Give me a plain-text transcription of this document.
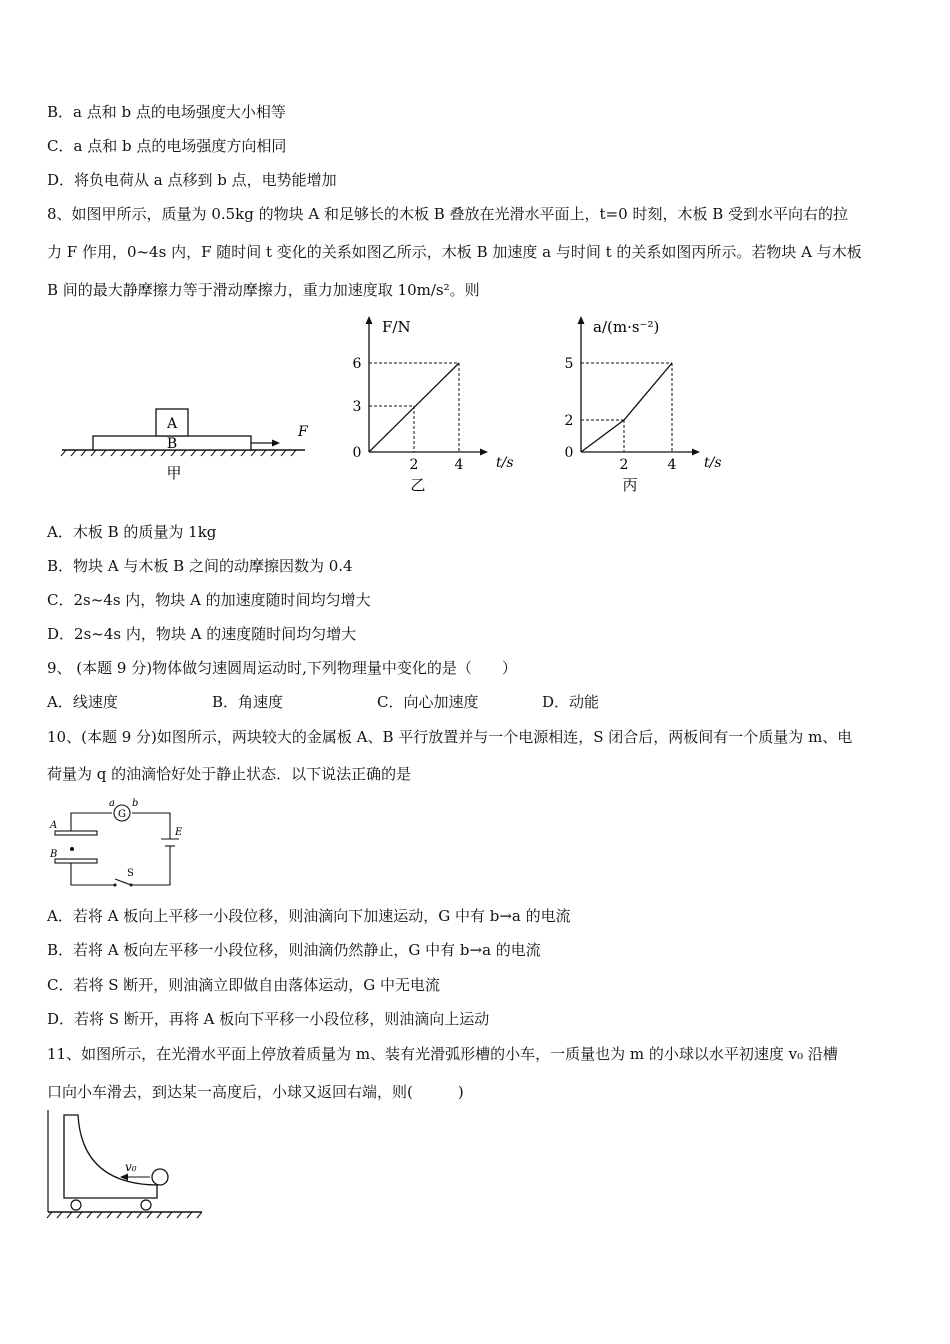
B．a 点和 b 点的电场强度大小相等
C．a 点和 b 点的电场强度方向相同
D．将负电荷从 a 点移到 b 点，电势能增加
8、如图甲所示，质量为 0.5kg 的物块 A 和足够长的木板 B 叠放在光滑水平面上，t=0 时刻，木板 B 受到水平向右的拉
力 F 作用，0~4s 内，F 随时间 t 变化的关系如图乙所示，木板 B 加速度 a 与时间 t 的关系如图丙所示。若物块 A 与木板
B 间的最大静摩擦力等于滑动摩擦力，重力加速度取 10m/s²。则
A
B
F
甲
F/N
t/s
6
3
0
2	4
乙
a/(m·s⁻²)
t/s
5
2
0
2	4
丙
A．木板 B 的质量为 1kg
B．物块 A 与木板 B 之间的动摩擦因数为 0.4
C．2s~4s 内，物块 A 的加速度随时间均匀增大
D．2s~4s 内，物块 A 的速度随时间均匀增大
9、 (本题 9 分)物体做匀速圆周运动时,下列物理量中变化的是（　　）
A．线速度	B．角速度	C．向心加速度	D．动能
10、(本题 9 分)如图所示，两块较大的金属板 A、B 平行放置并与一个电源相连，S 闭合后，两板间有一个质量为 m、电
荷量为 q 的油滴恰好处于静止状态．以下说法正确的是
G
a b
A
B
E
S
A．若将 A 板向上平移一小段位移，则油滴向下加速运动，G 中有 b→a 的电流
B．若将 A 板向左平移一小段位移，则油滴仍然静止，G 中有 b→a 的电流
C．若将 S 断开，则油滴立即做自由落体运动，G 中无电流
D．若将 S 断开，再将 A 板向下平移一小段位移，则油滴向上运动
11、如图所示，在光滑水平面上停放着质量为 m、装有光滑弧形槽的小车，一质量也为 m 的小球以水平初速度 v₀ 沿槽
口向小车滑去，到达某一高度后，小球又返回右端，则(　　　)
v₀
